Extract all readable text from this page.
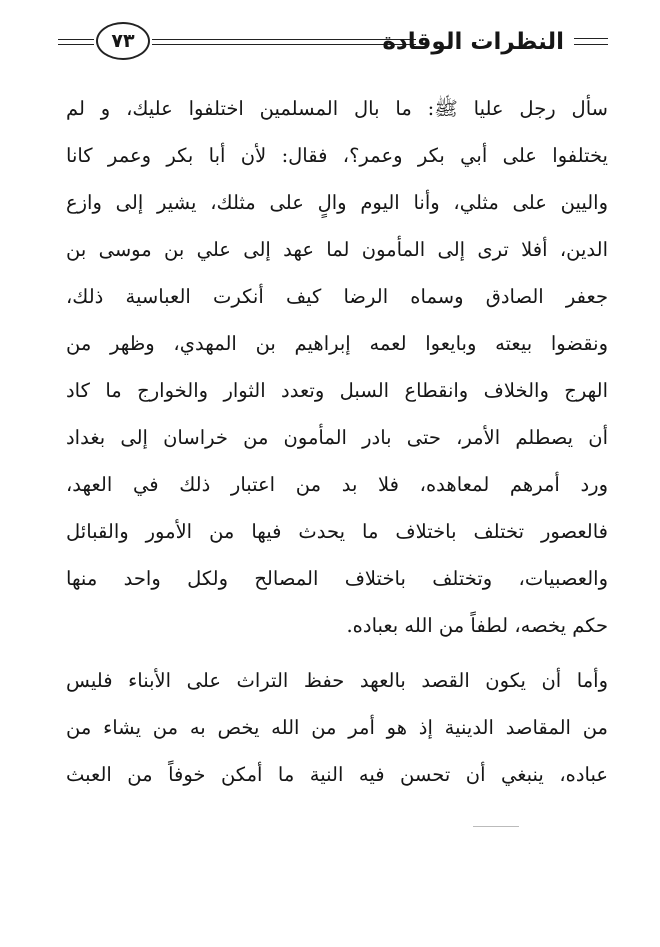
٧٣	النظرات الوقادة
سأل رجل عليا ﷺ: ما بال المسلمين اختلفوا عليك، و لم
يختلفوا على أبي بكر وعمر؟، فقال: لأن أبا بكر وعمر كانا
واليين على مثلي، وأنا اليوم والٍ على مثلك، يشير إلى وازع
الدين، أفلا ترى إلى المأمون لما عهد إلى علي بن موسى بن
جعفر الصادق وسماه الرضا كيف أنكرت العباسية ذلك،
ونقضوا بيعته وبايعوا لعمه إبراهيم بن المهدي، وظهر من
الهرج والخلاف وانقطاع السبل وتعدد الثوار والخوارج ما كاد
أن يصطلم الأمر، حتى بادر المأمون من خراسان إلى بغداد
ورد أمرهم لمعاهده، فلا بد من اعتبار ذلك في العهد،
فالعصور تختلف باختلاف ما يحدث فيها من الأمور والقبائل
والعصبيات، وتختلف باختلاف المصالح ولكل واحد منها
حكم يخصه، لطفاً من الله بعباده.
وأما أن يكون القصد بالعهد حفظ التراث على الأبناء فليس
من المقاصد الدينية إذ هو أمر من الله يخص به من يشاء من
عباده، ينبغي أن تحسن فيه النية ما أمكن خوفاً من العبث
